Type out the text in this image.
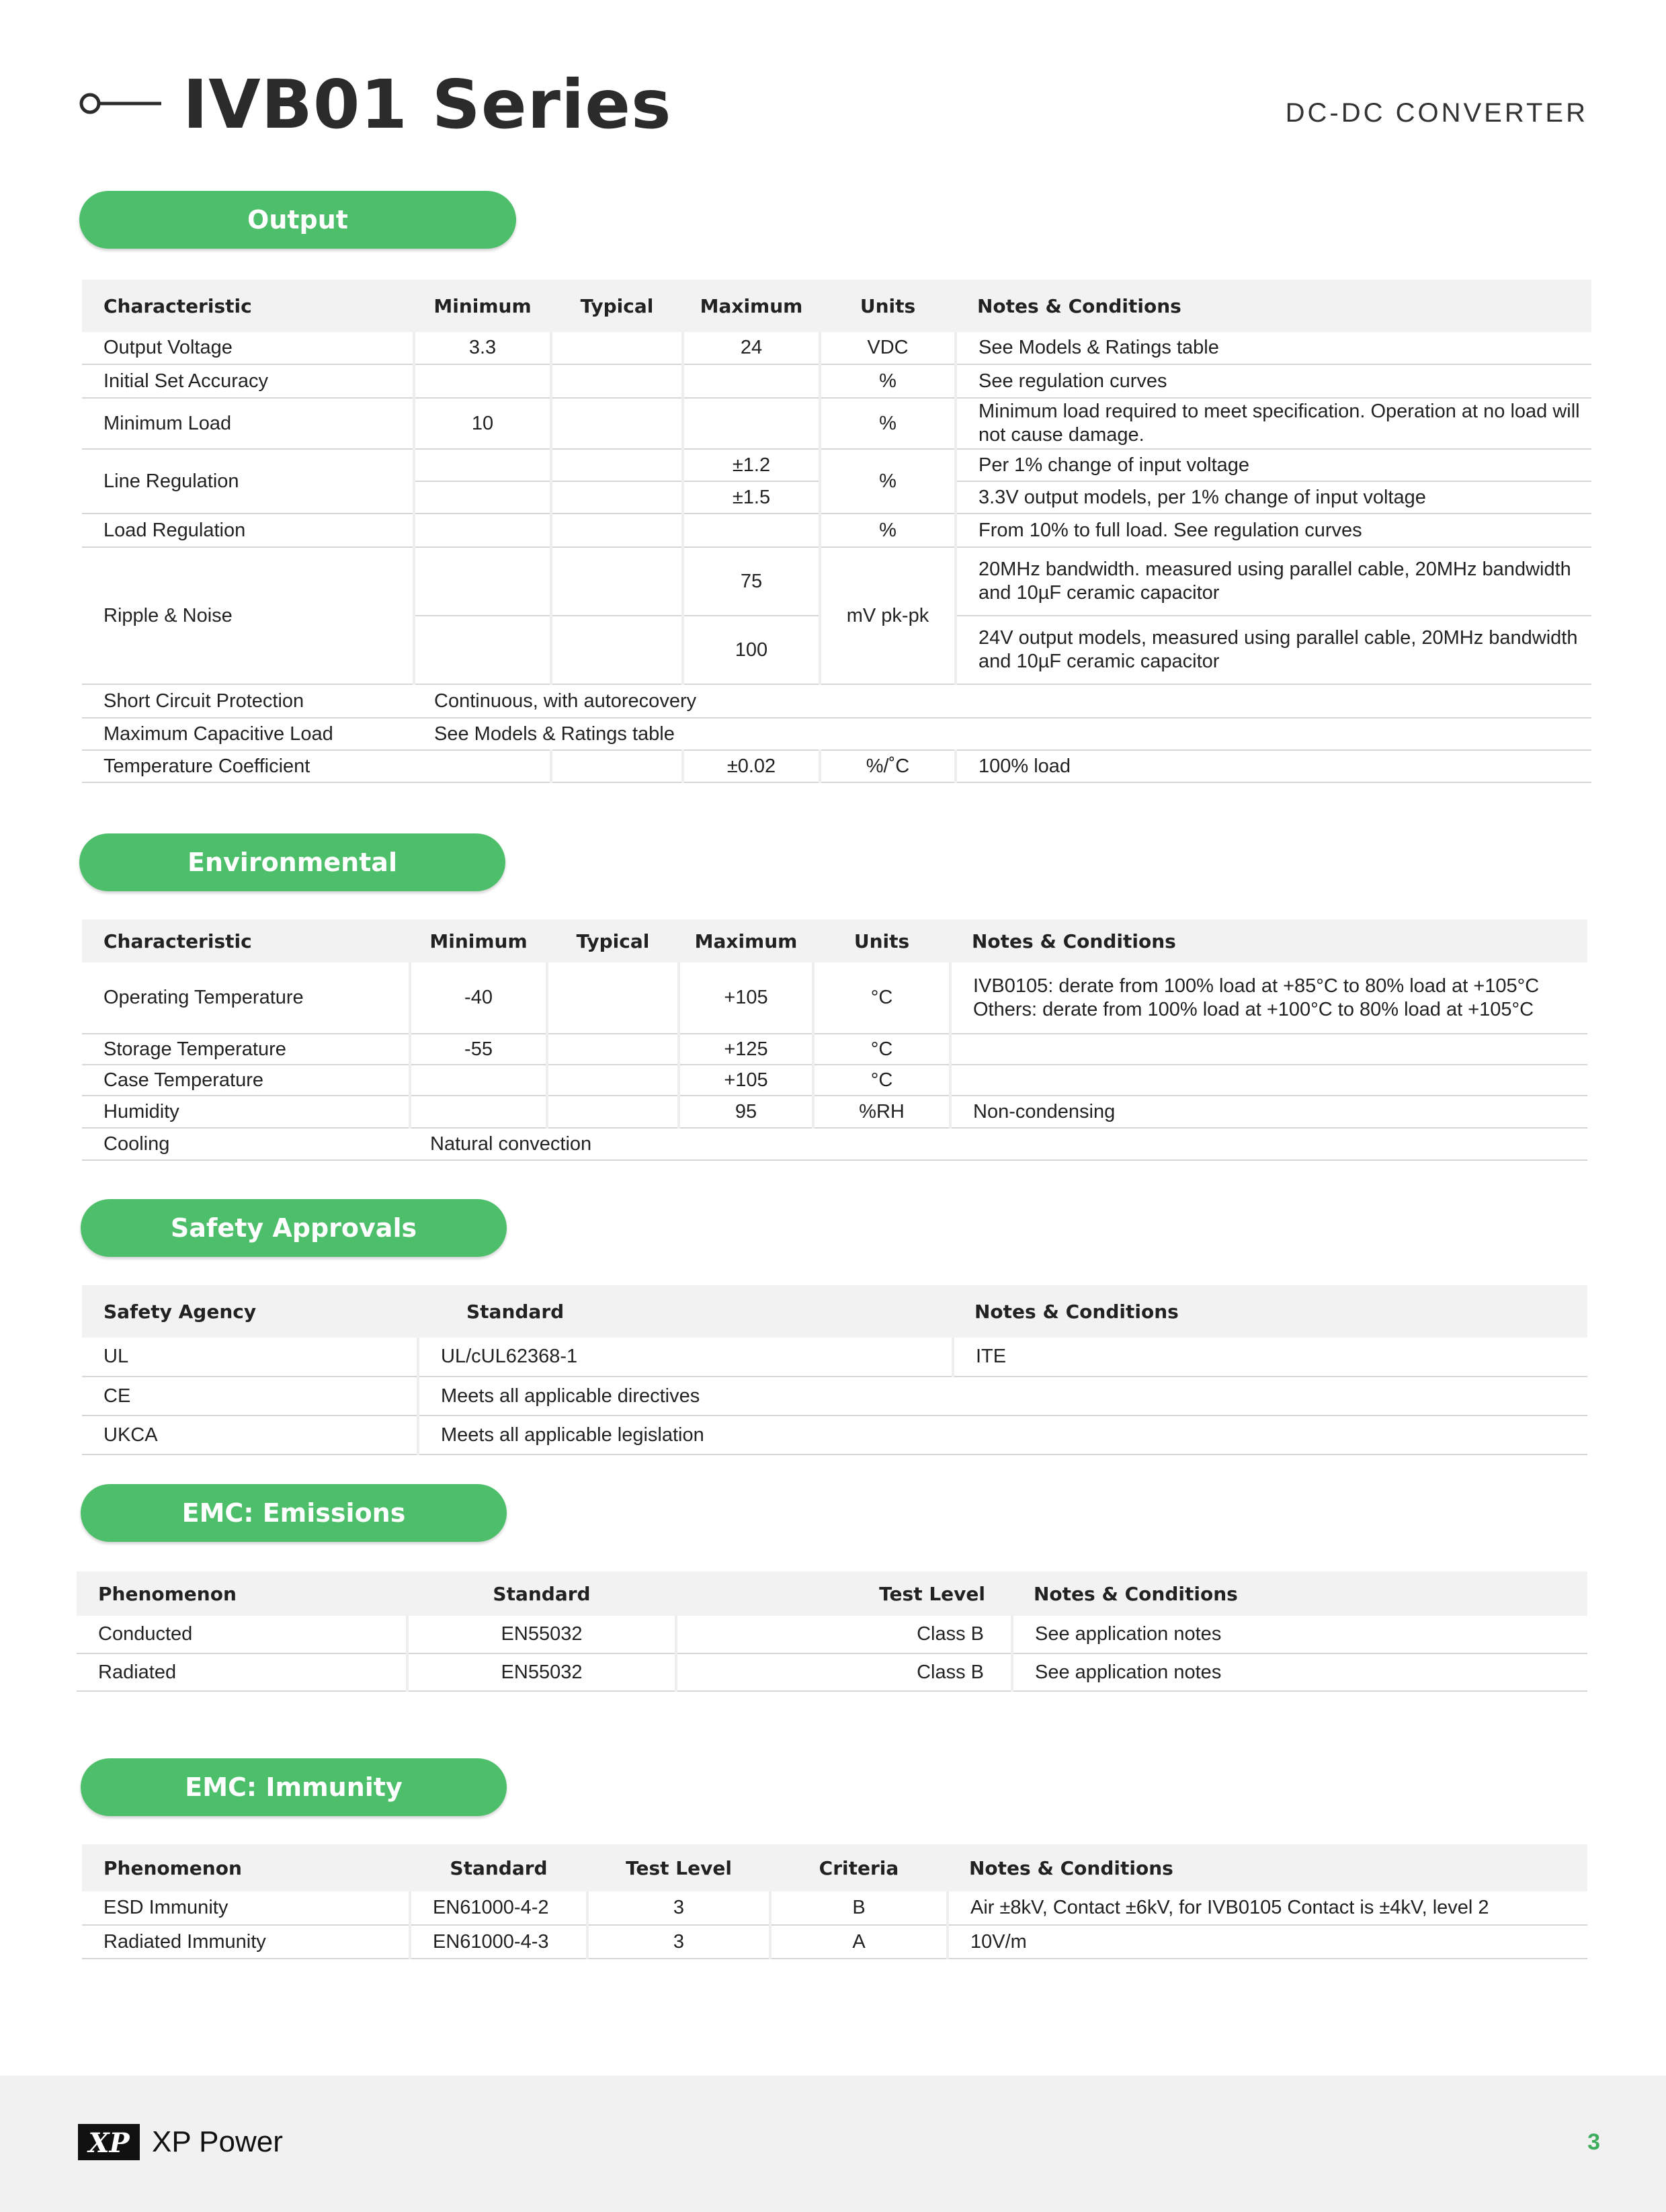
IVB01 Series	DC-DC CONVERTER
Output
Characteristic	Minimum	Typical	Maximum	Units	Notes & Conditions
Output Voltage	3.3		24	VDC	See Models & Ratings table
Initial Set Accuracy				%	See regulation curves
Minimum Load	10			%	Minimum load required to meet specification. Operation at no load will not cause damage.
Line Regulation			±1.2	%	Per 1% change of input voltage
			±1.5		3.3V output models, per 1% change of input voltage
Load Regulation				%	From 10% to full load. See regulation curves
Ripple & Noise			75	mV pk-pk	20MHz bandwidth. measured using parallel cable, 20MHz bandwidth and 10µF ceramic capacitor
			100		24V output models, measured using parallel cable, 20MHz bandwidth and 10µF ceramic capacitor
Short Circuit Protection	Continuous, with autorecovery				
Maximum Capacitive Load	See Models & Ratings table				
Temperature Coefficient			±0.02	%/˚C	100% load
Environmental
Characteristic	Minimum	Typical	Maximum	Units	Notes & Conditions
Operating Temperature	-40		+105	°C	IVB0105: derate from 100% load at +85°C to 80% load at +105°C
Others: derate from 100% load at +100°C to 80% load at +105°C

Storage Temperature	-55		+125	°C	
Case Temperature			+105	°C	
Humidity			95	%RH	Non-condensing
Cooling	Natural convection				
Safety Approvals
Safety Agency	Standard	Notes & Conditions
UL	UL/cUL62368-1	ITE
CE	Meets all applicable directives	
UKCA	Meets all applicable legislation	
EMC: Emissions
Phenomenon	Standard	Test Level	Notes & Conditions
Conducted	EN55032	Class B	See application notes
Radiated	EN55032	Class B	See application notes
EMC: Immunity
Phenomenon	Standard	Test Level	Criteria	Notes & Conditions
ESD Immunity	EN61000-4-2	3	B	Air ±8kV, Contact ±6kV, for IVB0105 Contact is ±4kV, level 2
Radiated Immunity	EN61000-4-3	3	A	10V/m
XP XP Power	3
